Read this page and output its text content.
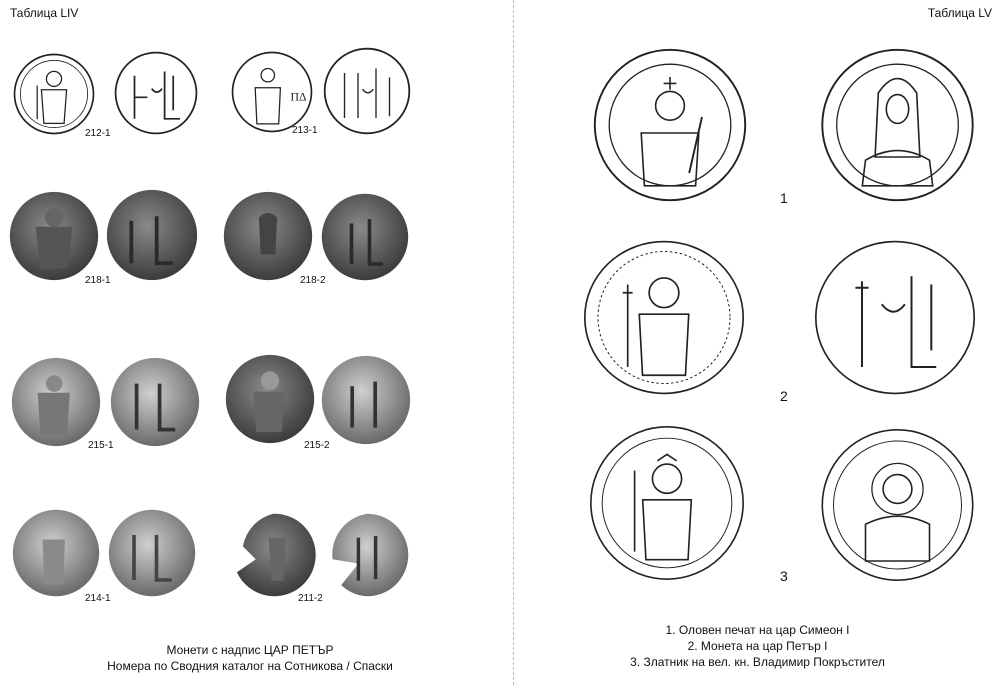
Таблица LIV
212-1
ΠΔ
213-1
218-1	218-2
215-1	215-2
214-1	211-2
Монети с надпис ЦАР ПЕТЪР
Номера по Сводния каталог на Сотникова / Спаски
Таблица LV
1
2
3
1. Оловен печат на цар Симеон I
2. Монета на цар Петър I
3. Златник на вел. кн. Владимир Покръстител
